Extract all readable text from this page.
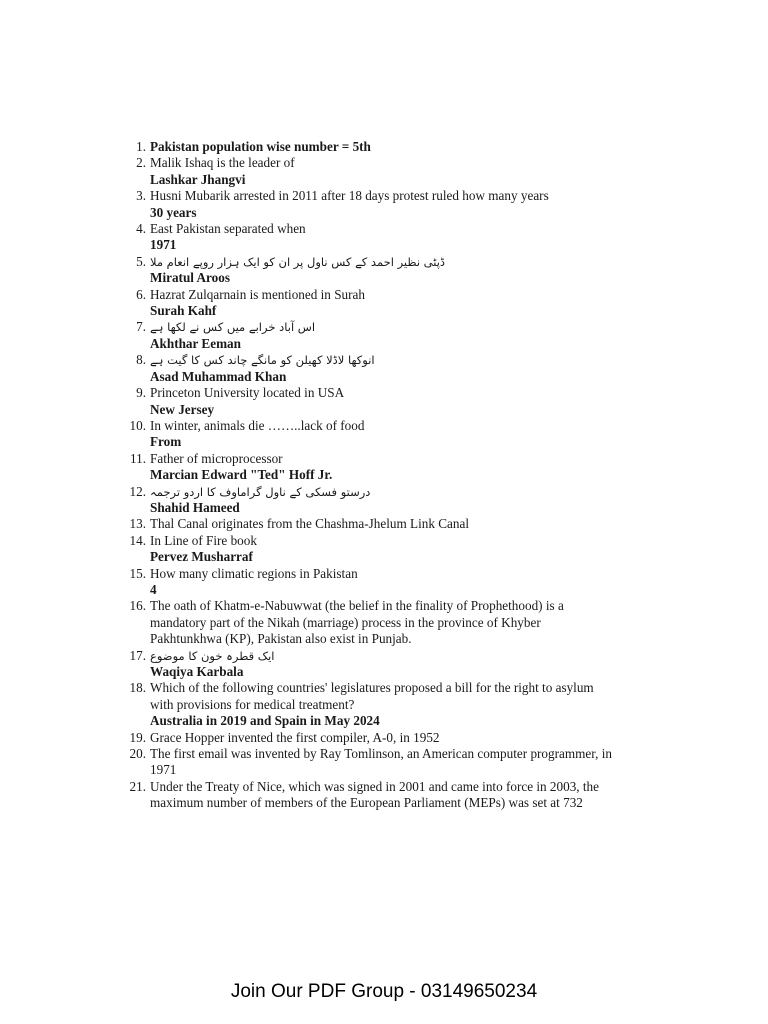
1. Pakistan population wise number = 5th
2. Malik Ishaq is the leader of
Lashkar Jhangvi
3. Husni Mubarik arrested in 2011 after 18 days protest ruled how many years
30 years
4. East Pakistan separated when
1971
5. ڈپٹی نظیر احمد کے کس ناول پر ان کو ایک ہزار روپے انعام ملا
Miratul Aroos
6. Hazrat Zulqarnain is mentioned in Surah
Surah Kahf
7. اس آباد خرابے میں کس نے لکھا ہے
Akhthar Eeman
8. انوکھا لاڈلا کھیلن کو مانگے چاند کس کا گیت ہے
Asad Muhammad Khan
9. Princeton University located in USA
New Jersey
10. In winter, animals die ……..lack of food
From
11. Father of microprocessor
Marcian Edward "Ted" Hoff Jr.
12. درستو فسکی کے ناول گراماوف کا اردو ترجمہ
Shahid Hameed
13. Thal Canal originates from the Chashma-Jhelum Link Canal
14. In Line of Fire book
Pervez Musharraf
15. How many climatic regions in Pakistan
4
16. The oath of Khatm-e-Nabuwwat (the belief in the finality of Prophethood) is a
mandatory part of the Nikah (marriage) process in the province of Khyber
Pakhtunkhwa (KP), Pakistan also exist in Punjab.
17. ایک قطرہ خون کا موضوع
Waqiya Karbala
18. Which of the following countries' legislatures proposed a bill for the right to asylum
with provisions for medical treatment?
Australia in 2019 and Spain in May 2024
19. Grace Hopper invented the first compiler, A-0, in 1952
20. The first email was invented by Ray Tomlinson, an American computer programmer, in
1971
21. Under the Treaty of Nice, which was signed in 2001 and came into force in 2003, the
maximum number of members of the European Parliament (MEPs) was set at 732
Join Our PDF Group - 03149650234
